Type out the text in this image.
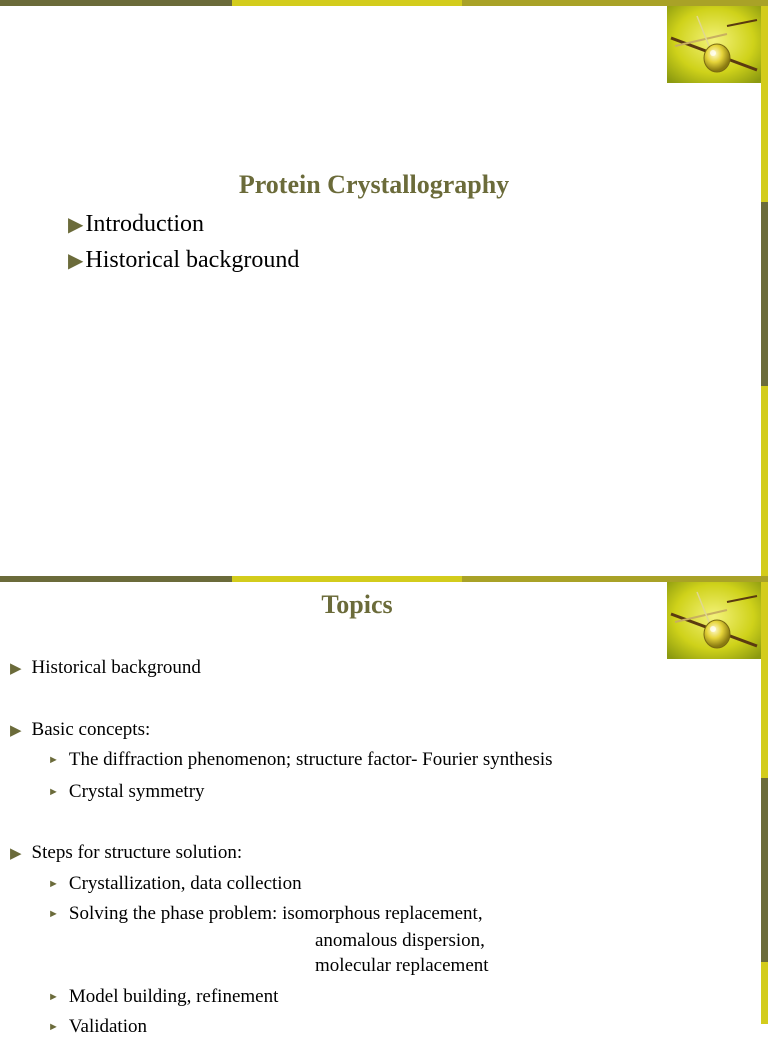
Protein Crystallography
▶Introduction
▶Historical background
Topics
▶ Historical background
▶ Basic concepts:
► The diffraction phenomenon; structure factor- Fourier synthesis
► Crystal symmetry
▶ Steps for structure solution:
► Crystallization, data collection
► Solving the phase problem: isomorphous replacement,
anomalous dispersion,
molecular replacement
► Model building, refinement
► Validation
